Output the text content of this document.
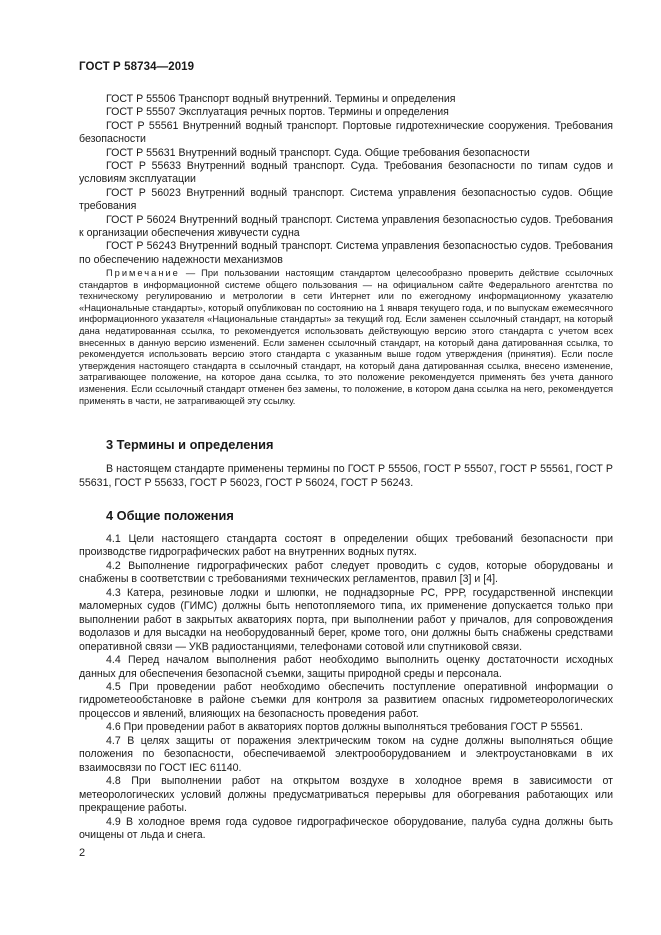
ГОСТ Р 58734—2019

ГОСТ Р 55506 Транспорт водный внутренний. Термины и определения

ГОСТ Р 55507 Эксплуатация речных портов. Термины и определения

ГОСТ Р 55561 Внутренний водный транспорт. Портовые гидротехнические сооружения. Требования безопасности

ГОСТ Р 55631 Внутренний водный транспорт. Суда. Общие требования безопасности

ГОСТ Р 55633 Внутренний водный транспорт. Суда. Требования безопасности по типам судов и условиям эксплуатации

ГОСТ Р 56023 Внутренний водный транспорт. Система управления безопасностью судов. Общие требования

ГОСТ Р 56024 Внутренний водный транспорт. Система управления безопасностью судов. Требования к организации обеспечения живучести судна

ГОСТ Р 56243 Внутренний водный транспорт. Система управления безопасностью судов. Требования по обеспечению надежности механизмов

Примечание — При пользовании настоящим стандартом целесообразно проверить действие ссылочных стандартов в информационной системе общего пользования — на официальном сайте Федерального агентства по техническому регулированию и метрологии в сети Интернет или по ежегодному информационному указателю «Национальные стандарты», который опубликован по состоянию на 1 января текущего года, и по выпускам ежемесячного информационного указателя «Национальные стандарты» за текущий год. Если заменен ссылочный стандарт, на который дана недатированная ссылка, то рекомендуется использовать действующую версию этого стандарта с учетом всех внесенных в данную версию изменений. Если заменен ссылочный стандарт, на который дана датированная ссылка, то рекомендуется использовать версию этого стандарта с указанным выше годом утверждения (принятия). Если после утверждения настоящего стандарта в ссылочный стандарт, на который дана датированная ссылка, внесено изменение, затрагивающее положение, на которое дана ссылка, то это положение рекомендуется применять без учета данного изменения. Если ссылочный стандарт отменен без замены, то положение, в котором дана ссылка на него, рекомендуется применять в части, не затрагивающей эту ссылку.

3 Термины и определения

В настоящем стандарте применены термины по ГОСТ Р 55506, ГОСТ Р 55507, ГОСТ Р 55561, ГОСТ Р 55631, ГОСТ Р 55633, ГОСТ Р 56023, ГОСТ Р 56024, ГОСТ Р 56243.

4 Общие положения

4.1 Цели настоящего стандарта состоят в определении общих требований безопасности при производстве гидрографических работ на внутренних водных путях.

4.2 Выполнение гидрографических работ следует проводить с судов, которые оборудованы и снабжены в соответствии с требованиями технических регламентов, правил [3] и [4].

4.3 Катера, резиновые лодки и шлюпки, не поднадзорные РС, РРР, государственной инспекции маломерных судов (ГИМС) должны быть непотопляемого типа, их применение допускается только при выполнении работ в закрытых акваториях порта, при выполнении работ у причалов, для сопровождения водолазов и для высадки на необорудованный берег, кроме того, они должны быть снабжены средствами оперативной связи — УКВ радиостанциями, телефонами сотовой или спутниковой связи.

4.4 Перед началом выполнения работ необходимо выполнить оценку достаточности исходных данных для обеспечения безопасной съемки, защиты природной среды и персонала.

4.5 При проведении работ необходимо обеспечить поступление оперативной информации о гидрометеообстановке в районе съемки для контроля за развитием опасных гидрометеорологических процессов и явлений, влияющих на безопасность проведения работ.

4.6 При проведении работ в акваториях портов должны выполняться требования ГОСТ Р 55561.

4.7 В целях защиты от поражения электрическим током на судне должны выполняться общие положения по безопасности, обеспечиваемой электрооборудованием и электроустановками в их взаимосвязи по ГОСТ IEC 61140.

4.8 При выполнении работ на открытом воздухе в холодное время в зависимости от метеорологических условий должны предусматриваться перерывы для обогревания работающих или прекращение работы.

4.9 В холодное время года судовое гидрографическое оборудование, палуба судна должны быть очищены от льда и снега.

2
